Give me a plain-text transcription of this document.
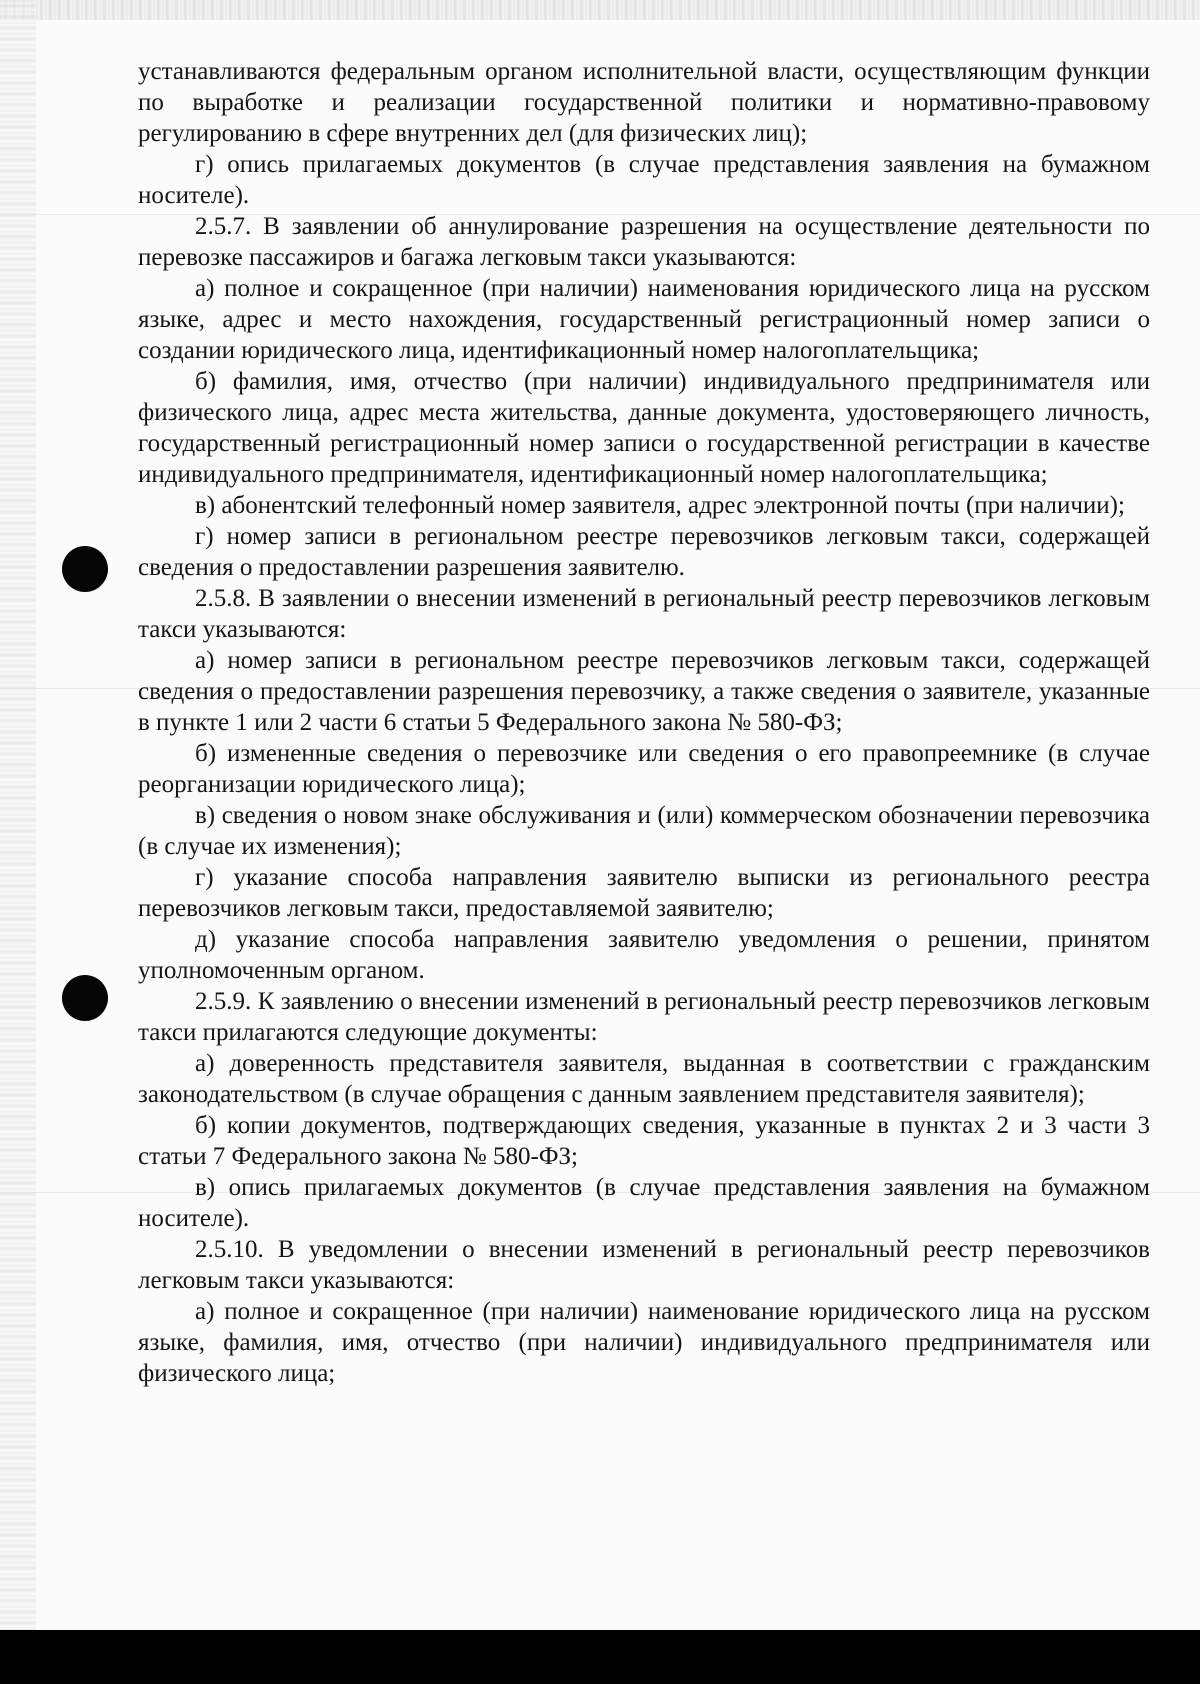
устанавливаются федеральным органом исполнительной власти, осуществляющим функции по выработке и реализации государственной политики и нормативно-правовому регулированию в сфере внутренних дел (для физических лиц);

г) опись прилагаемых документов (в случае представления заявления на бумажном носителе).

2.5.7. В заявлении об аннулирование разрешения на осуществление деятельности по перевозке пассажиров и багажа легковым такси указываются:

а) полное и сокращенное (при наличии) наименования юридического лица на русском языке, адрес и место нахождения, государственный регистрационный номер записи о создании юридического лица, идентификационный номер налогоплательщика;

б) фамилия, имя, отчество (при наличии) индивидуального предпринимателя или физического лица, адрес места жительства, данные документа, удостоверяющего личность, государственный регистрационный номер записи о государственной регистрации в качестве индивидуального предпринимателя, идентификационный номер налогоплательщика;

в) абонентский телефонный номер заявителя, адрес электронной почты (при наличии);

г) номер записи в региональном реестре перевозчиков легковым такси, содержащей сведения о предоставлении разрешения заявителю.

2.5.8. В заявлении о внесении изменений в региональный реестр перевозчиков легковым такси указываются:

а) номер записи в региональном реестре перевозчиков легковым такси, содержащей сведения о предоставлении разрешения перевозчику, а также сведения о заявителе, указанные в пункте 1 или 2 части 6 статьи 5 Федерального закона № 580-ФЗ;

б) измененные сведения о перевозчике или сведения о его правопреемнике (в случае реорганизации юридического лица);

в) сведения о новом знаке обслуживания и (или) коммерческом обозначении перевозчика (в случае их изменения);

г) указание способа направления заявителю выписки из регионального реестра перевозчиков легковым такси, предоставляемой заявителю;

д) указание способа направления заявителю уведомления о решении, принятом уполномоченным органом.

2.5.9. К заявлению о внесении изменений в региональный реестр перевозчиков легковым такси прилагаются следующие документы:

а) доверенность представителя заявителя, выданная в соответствии с гражданским законодательством (в случае обращения с данным заявлением представителя заявителя);

б) копии документов, подтверждающих сведения, указанные в пунктах 2 и 3 части 3 статьи 7 Федерального закона № 580-ФЗ;

в) опись прилагаемых документов (в случае представления заявления на бумажном носителе).

2.5.10. В уведомлении о внесении изменений в региональный реестр перевозчиков легковым такси указываются:

а) полное и сокращенное (при наличии) наименование юридического лица на русском языке, фамилия, имя, отчество (при наличии) индивидуального предпринимателя или физического лица;
